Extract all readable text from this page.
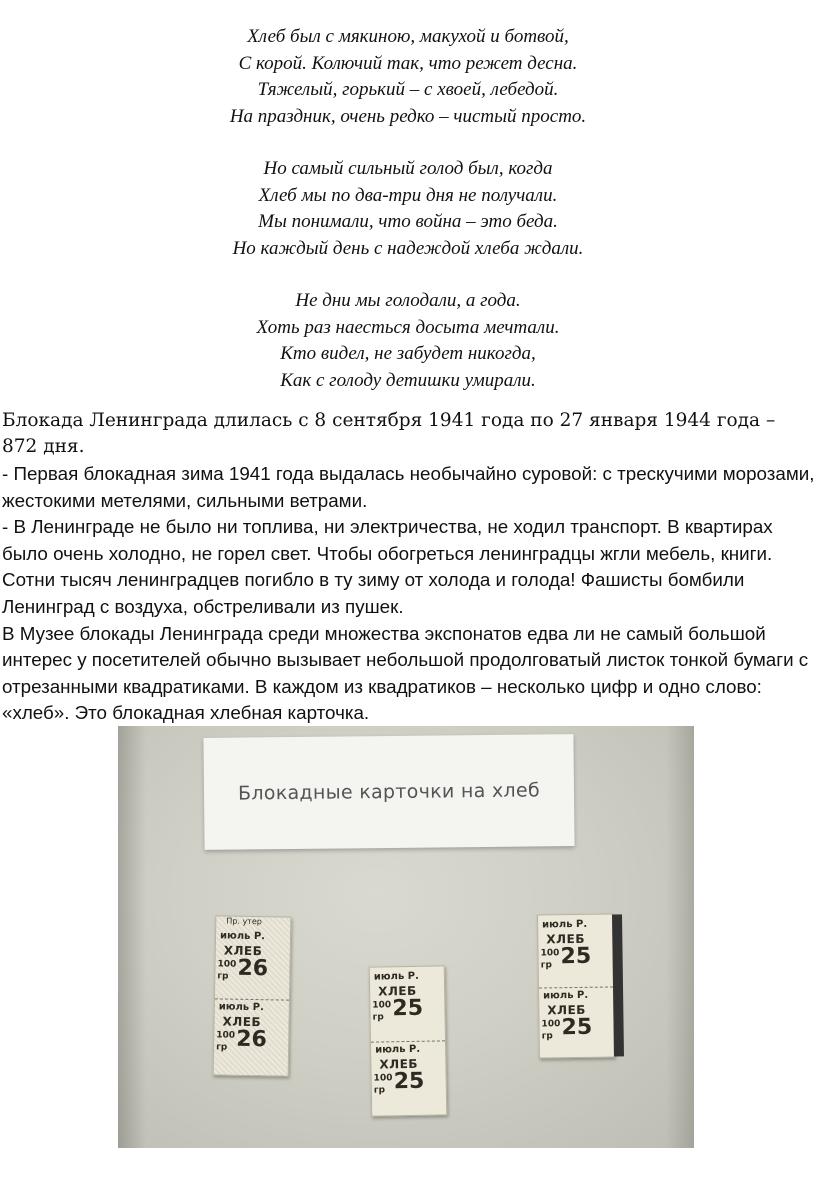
Хлеб был с мякиною, макухой и ботвой,
С корой. Колючий так, что режет десна.
Тяжелый, горький – с хвоей, лебедой.
На праздник, очень редко – чистый просто.
Но самый сильный голод был, когда
Хлеб мы по два-три дня не получали.
Мы понимали, что война – это беда.
Но каждый день с надеждой хлеба ждали.
Не дни мы голодали, а года.
Хоть раз наесться досыта мечтали.
Кто видел, не забудет никогда,
Как с голоду детишки умирали.
Блокада Ленинграда длилась с 8 сентября 1941 года по 27 января 1944 года – 872 дня.

- Первая блокадная зима 1941 года выдалась необычайно суровой: с трескучими морозами, жестокими метелями, сильными ветрами.

- В Ленинграде не было ни топлива, ни электричества, не ходил транспорт. В квартирах было очень холодно, не горел свет. Чтобы обогреться ленинградцы жгли мебель, книги.

Сотни тысяч ленинградцев погибло в ту зиму от холода и голода! Фашисты бомбили Ленинград с воздуха, обстреливали из пушек.

В Музее блокады Ленинграда среди множества экспонатов едва ли не самый большой интерес у посетителей обычно вызывает небольшой продолговатый листок тонкой бумаги с отрезанными квадратиками. В каждом из квадратиков – несколько цифр и одно слово: «хлеб». Это блокадная хлебная карточка.

Блокадные карточки на хлеб
Пр. утер
июль Р.
ХЛЕБ
100
гр 26
июль Р.
ХЛЕБ
100
гр 26
июль Р.
ХЛЕБ
100
гр 25
июль Р.
ХЛЕБ
100
гр 25
июль Р.
ХЛЕБ
100
гр 25
июль Р.
ХЛЕБ
100
гр 25
